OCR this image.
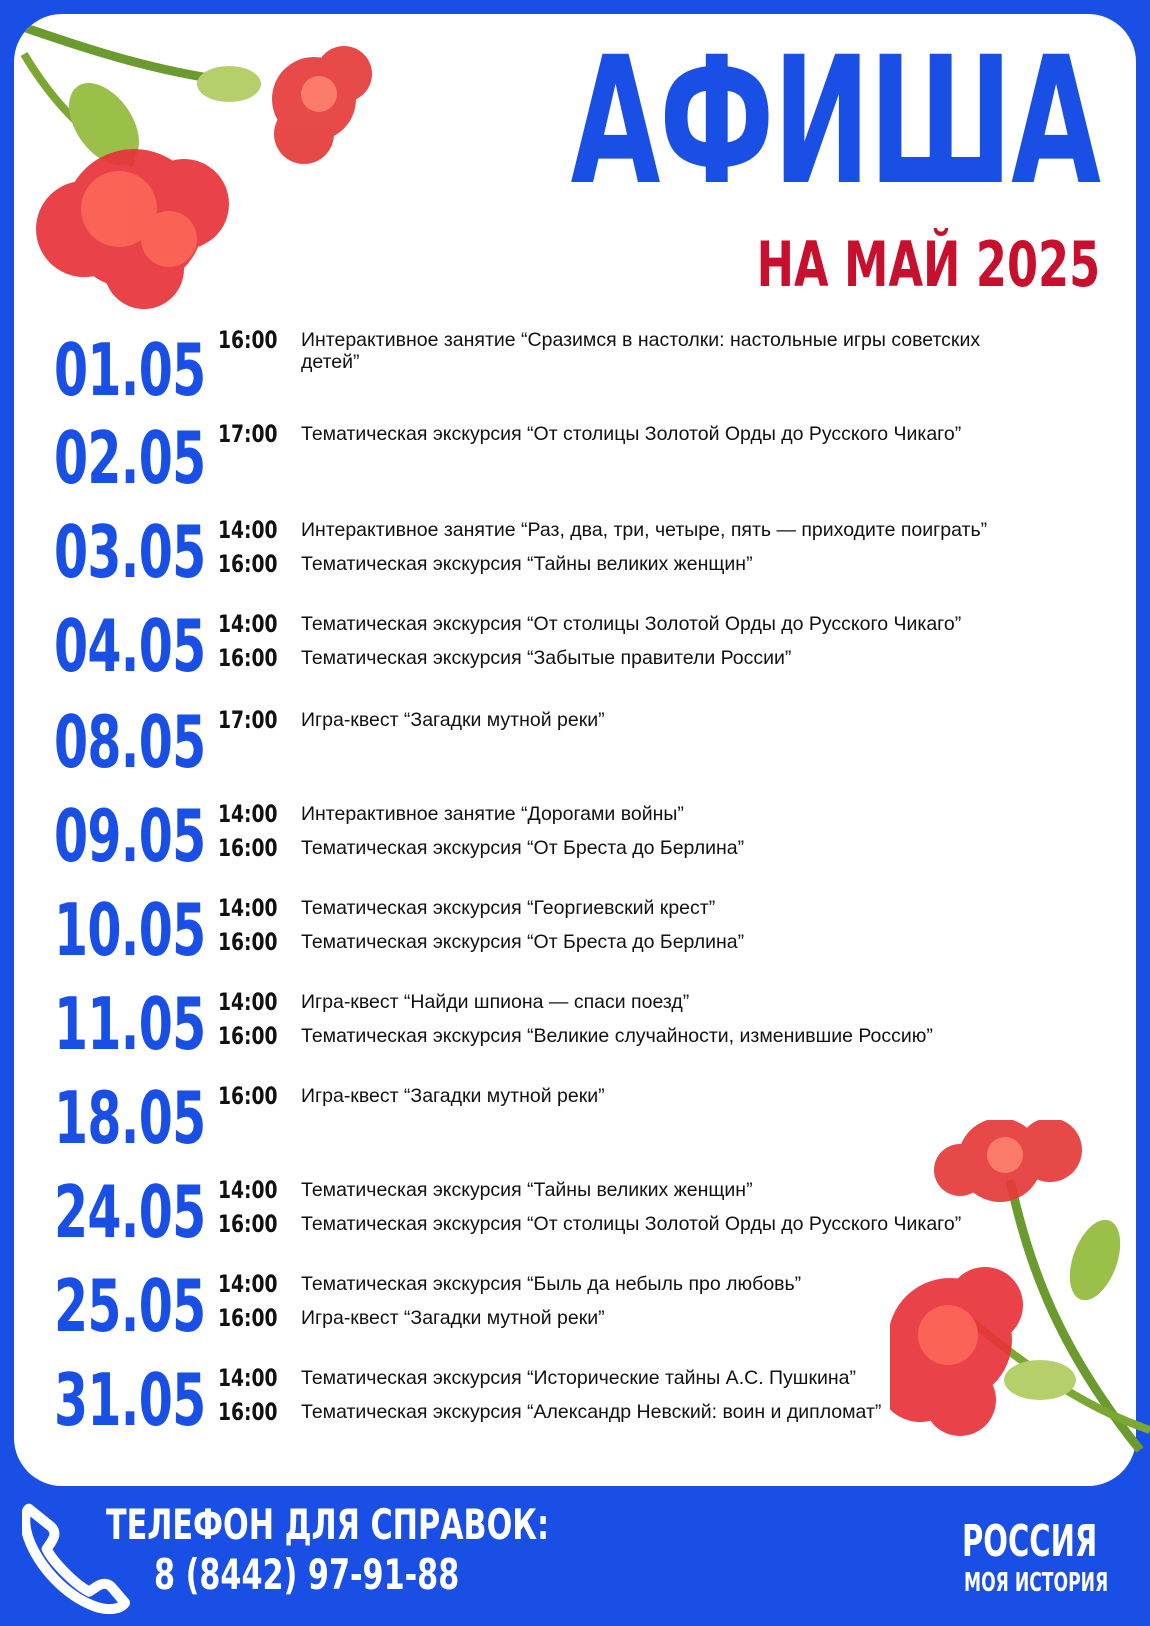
АФИША
НА МАЙ 2025
01.05 16:00 Интерактивное занятие “Сразимся в настолки: настольные игры советских детей”
02.05 17:00 Тематическая экскурсия “От столицы Золотой Орды до Русского Чикаго”
03.05 14:00 Интерактивное занятие “Раз, два, три, четыре, пять — приходите поиграть”
16:00 Тематическая экскурсия “Тайны великих женщин”
04.05 14:00 Тематическая экскурсия “От столицы Золотой Орды до Русского Чикаго”
16:00 Тематическая экскурсия “Забытые правители России”
08.05 17:00 Игра-квест “Загадки мутной реки”
09.05 14:00 Интерактивное занятие “Дорогами войны”
16:00 Тематическая экскурсия “От Бреста до Берлина”
10.05 14:00 Тематическая экскурсия “Георгиевский крест”
16:00 Тематическая экскурсия “От Бреста до Берлина”
11.05 14:00 Игра-квест “Найди шпиона — спаси поезд”
16:00 Тематическая экскурсия “Великие случайности, изменившие Россию”
18.05 16:00 Игра-квест “Загадки мутной реки”
24.05 14:00 Тематическая экскурсия “Тайны великих женщин”
16:00 Тематическая экскурсия “От столицы Золотой Орды до Русского Чикаго”
25.05 14:00 Тематическая экскурсия “Быль да небыль про любовь”
16:00 Игра-квест “Загадки мутной реки”
31.05 14:00 Тематическая экскурсия “Исторические тайны А.С. Пушкина”
16:00 Тематическая экскурсия “Александр Невский: воин и дипломат”
ТЕЛЕФОН ДЛЯ СПРАВОК:
8 (8442) 97-91-88
РОССИЯ
МОЯ ИСТОРИЯ
